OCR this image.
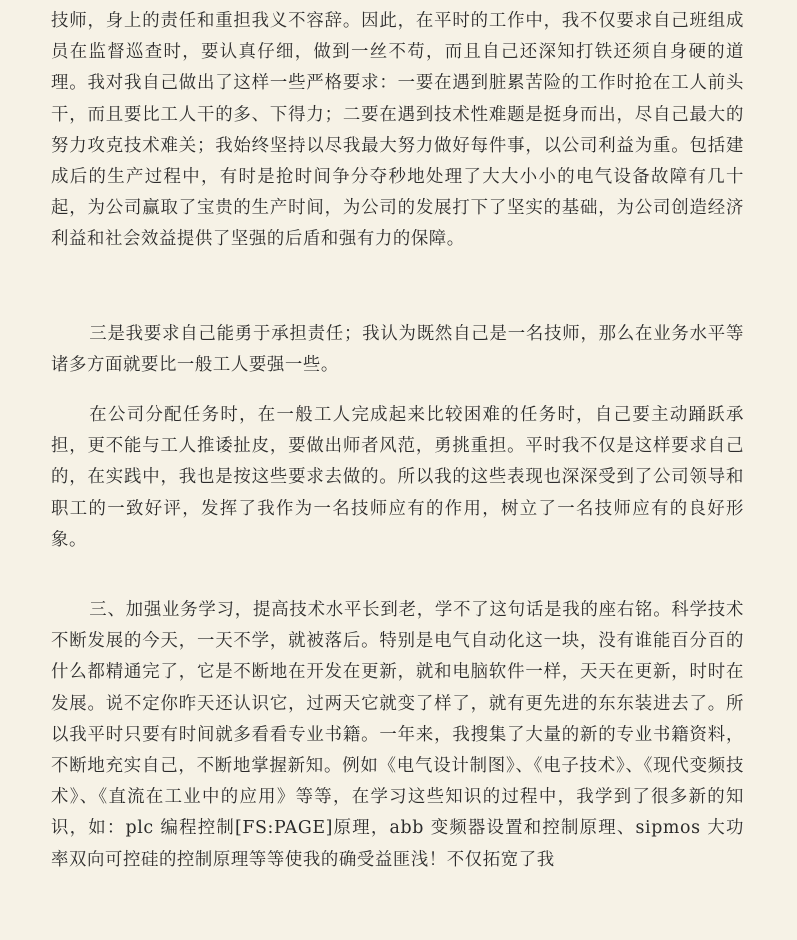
技师，身上的责任和重担我义不容辞。因此，在平时的工作中，我不仅要求自己班组成员在监督巡查时，要认真仔细，做到一丝不苟，而且自己还深知打铁还须自身硬的道理。我对我自己做出了这样一些严格要求：一要在遇到脏累苦险的工作时抢在工人前头干，而且要比工人干的多、下得力；二要在遇到技术性难题是挺身而出，尽自己最大的努力攻克技术难关；我始终坚持以尽我最大努力做好每件事，以公司利益为重。包括建成后的生产过程中，有时是抢时间争分夺秒地处理了大大小小的电气设备故障有几十起，为公司赢取了宝贵的生产时间，为公司的发展打下了坚实的基础，为公司创造经济利益和社会效益提供了坚强的后盾和强有力的保障。

三是我要求自己能勇于承担责任；我认为既然自己是一名技师，那么在业务水平等诸多方面就要比一般工人要强一些。

在公司分配任务时，在一般工人完成起来比较困难的任务时，自己要主动踊跃承担，更不能与工人推诿扯皮，要做出师者风范，勇挑重担。平时我不仅是这样要求自己的，在实践中，我也是按这些要求去做的。所以我的这些表现也深深受到了公司领导和职工的一致好评，发挥了我作为一名技师应有的作用，树立了一名技师应有的良好形象。

三、加强业务学习，提高技术水平长到老，学不了这句话是我的座右铭。科学技术不断发展的今天，一天不学，就被落后。特别是电气自动化这一块，没有谁能百分百的什么都精通完了，它是不断地在开发在更新，就和电脑软件一样，天天在更新，时时在发展。说不定你昨天还认识它，过两天它就变了样了，就有更先进的东东装进去了。所以我平时只要有时间就多看看专业书籍。一年来，我搜集了大量的新的专业书籍资料，不断地充实自己，不断地掌握新知。例如《电气设计制图》、《电子技术》、《现代变频技术》、《直流在工业中的应用》等等，在学习这些知识的过程中，我学到了很多新的知识，如：plc 编程控制[FS:PAGE]原理，abb 变频器设置和控制原理、sipmos 大功率双向可控硅的控制原理等等使我的确受益匪浅！不仅拓宽了我
